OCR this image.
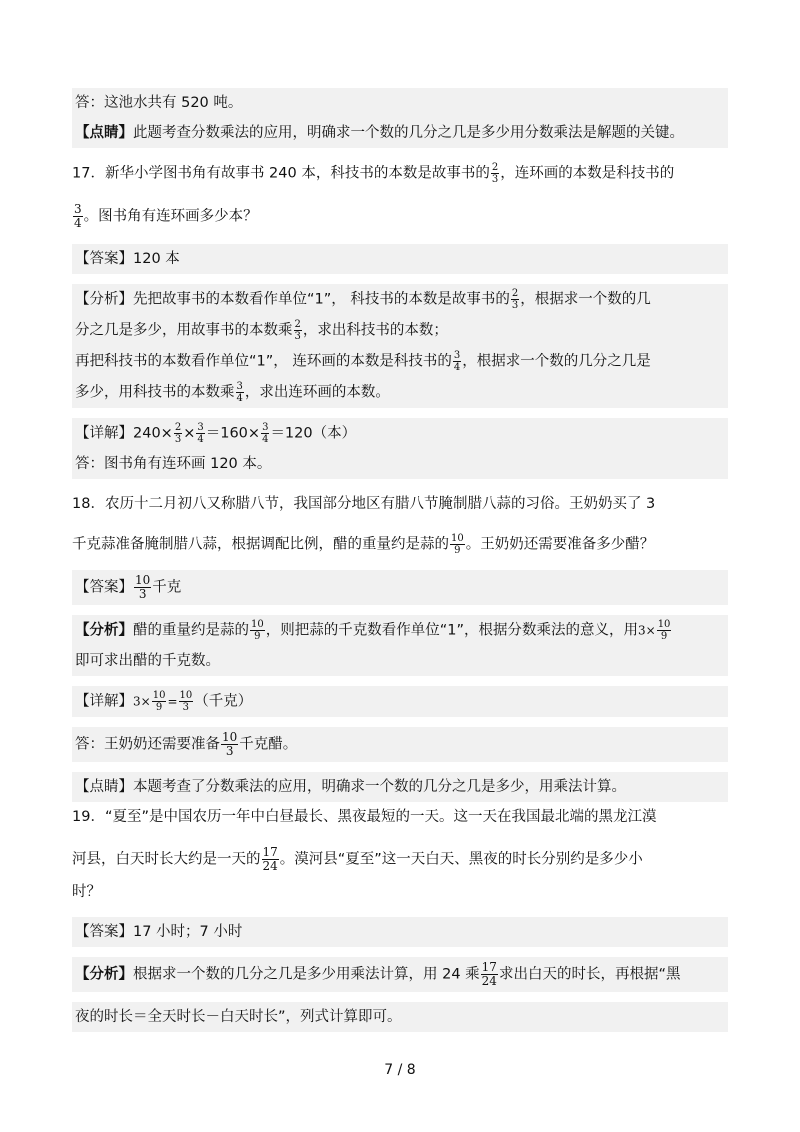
答：这池水共有 520 吨。
【点睛】此题考查分数乘法的应用，明确求一个数的几分之几是多少用分数乘法是解题的关键。
17．新华小学图书角有故事书 240 本，科技书的本数是故事书的 $\frac{2}{3}$ ，连环画的本数是科技书的
$\frac{3}{4}$ 。图书角有连环画多少本？
【答案】120 本
【分析】先把故事书的本数看作单位“1”， 科技书的本数是故事书的 $\frac{2}{3}$ ，根据求一个数的几
分之几是多少，用故事书的本数乘 $\frac{2}{3}$ ，求出科技书的本数；
再把科技书的本数看作单位“1”， 连环画的本数是科技书的 $\frac{3}{4}$ ，根据求一个数的几分之几是
多少，用科技书的本数乘 $\frac{3}{4}$ ，求出连环画的本数。
【详解】$240\times \frac{2}{3} \times \frac{3}{4} =160\times \frac{3}{4} =120$（本）
答：图书角有连环画 120 本。
18．农历十二月初八又称腊八节，我国部分地区有腊八节腌制腊八蒜的习俗。王奶奶买了 3
千克蒜准备腌制腊八蒜，根据调配比例，醋的重量约是蒜的 $\frac{10}{9}$ 。王奶奶还需要准备多少醋？
【答案】 $\frac{10}{3}$ 千克
【分析】醋的重量约是蒜的 $\frac{10}{9}$ ，则把蒜的千克数看作单位“1”，根据分数乘法的意义，用$3\times \frac{10}{9}$
即可求出醋的千克数。
【详解】$3\times \frac{10}{9} = \frac{10}{3}$ （千克）
答：王奶奶还需要准备 $\frac{10}{3}$ 千克醋。
【点睛】本题考查了分数乘法的应用，明确求一个数的几分之几是多少，用乘法计算。
19．“夏至”是中国农历一年中白昼最长、黑夜最短的一天。这一天在我国最北端的黑龙江漠
河县，白天时长大约是一天的 $\frac{17}{24}$ 。漠河县“夏至”这一天白天、黑夜的时长分别约是多少小
时？
【答案】17 小时；7 小时
【分析】根据求一个数的几分之几是多少用乘法计算，用 24 乘 $\frac{17}{24}$ 求出白天的时长，再根据“黑
夜的时长＝全天时长－白天时长”，列式计算即可。
7 / 8
